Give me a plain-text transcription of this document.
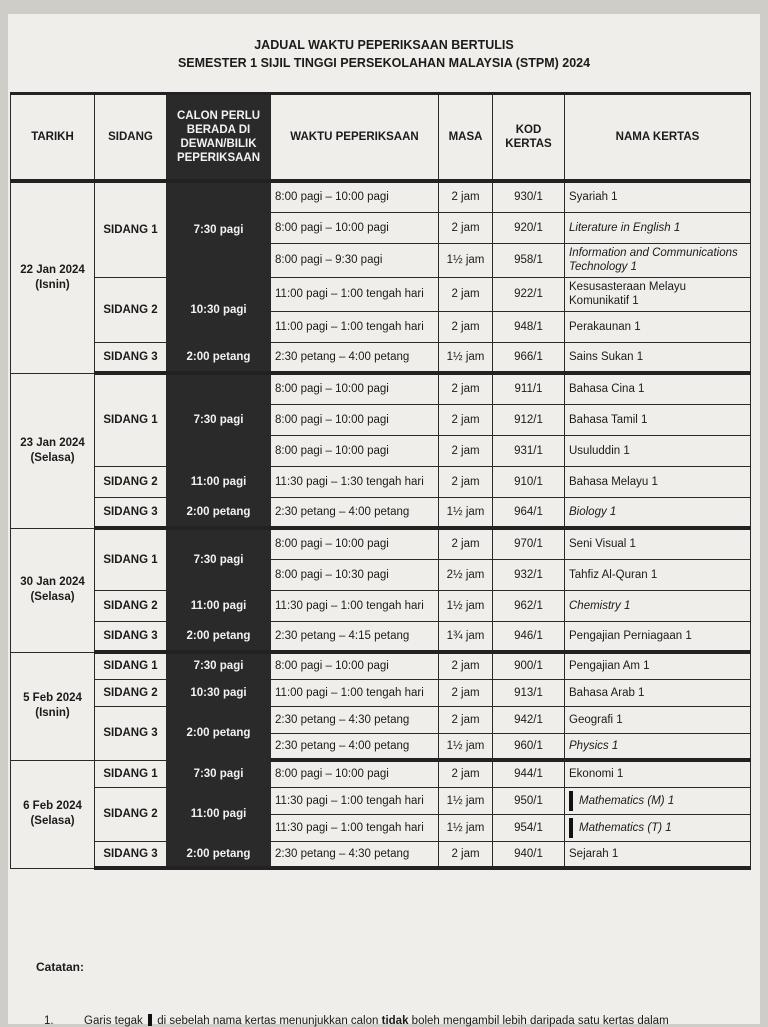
JADUAL WAKTU PEPERIKSAAN BERTULIS
SEMESTER 1 SIJIL TINGGI PERSEKOLAHAN MALAYSIA (STPM) 2024
TARIKH	SIDANG	CALON PERLU BERADA DI DEWAN/BILIK PEPERIKSAAN	WAKTU PEPERIKSAAN	MASA	KOD KERTAS	NAMA KERTAS

22 Jan 2024
(Isnin)	SIDANG 1	7:30 pagi	8:00 pagi – 10:00 pagi	2 jam	930/1	Syariah 1
			8:00 pagi – 10:00 pagi	2 jam	920/1	Literature in English 1
			8:00 pagi – 9:30 pagi	1½ jam	958/1	Information and Communications Technology 1
	SIDANG 2	10:30 pagi	11:00 pagi – 1:00 tengah hari	2 jam	922/1	Kesusasteraan Melayu Komunikatif 1
			11:00 pagi – 1:00 tengah hari	2 jam	948/1	Perakaunan 1
	SIDANG 3	2:00 petang	2:30 petang – 4:00 petang	1½ jam	966/1	Sains Sukan 1

23 Jan 2024
(Selasa)	SIDANG 1	7:30 pagi	8:00 pagi – 10:00 pagi	2 jam	911/1	Bahasa Cina 1
			8:00 pagi – 10:00 pagi	2 jam	912/1	Bahasa Tamil 1
			8:00 pagi – 10:00 pagi	2 jam	931/1	Usuluddin 1
	SIDANG 2	11:00 pagi	11:30 pagi – 1:30 tengah hari	2 jam	910/1	Bahasa Melayu 1
	SIDANG 3	2:00 petang	2:30 petang – 4:00 petang	1½ jam	964/1	Biology 1

30 Jan 2024
(Selasa)	SIDANG 1	7:30 pagi	8:00 pagi – 10:00 pagi	2 jam	970/1	Seni Visual 1
			8:00 pagi – 10:30 pagi	2½ jam	932/1	Tahfiz Al-Quran 1
	SIDANG 2	11:00 pagi	11:30 pagi – 1:00 tengah hari	1½ jam	962/1	Chemistry 1
	SIDANG 3	2:00 petang	2:30 petang – 4:15 petang	1¾ jam	946/1	Pengajian Perniagaan 1

5 Feb 2024
(Isnin)	SIDANG 1	7:30 pagi	8:00 pagi – 10:00 pagi	2 jam	900/1	Pengajian Am 1
	SIDANG 2	10:30 pagi	11:00 pagi – 1:00 tengah hari	2 jam	913/1	Bahasa Arab 1
	SIDANG 3	2:00 petang	2:30 petang – 4:30 petang	2 jam	942/1	Geografi 1
			2:30 petang – 4:00 petang	1½ jam	960/1	Physics 1

6 Feb 2024
(Selasa)	SIDANG 1	7:30 pagi	8:00 pagi – 10:00 pagi	2 jam	944/1	Ekonomi 1
	SIDANG 2	11:00 pagi	11:30 pagi – 1:00 tengah hari	1½ jam	950/1	Mathematics (M) 1
			11:30 pagi – 1:00 tengah hari	1½ jam	954/1	Mathematics (T) 1
	SIDANG 3	2:00 petang	2:30 petang – 4:30 petang	2 jam	940/1	Sejarah 1
Catatan:
1.	Garis tegak di sebelah nama kertas menunjukkan calon tidak boleh mengambil lebih daripada satu kertas dalam
